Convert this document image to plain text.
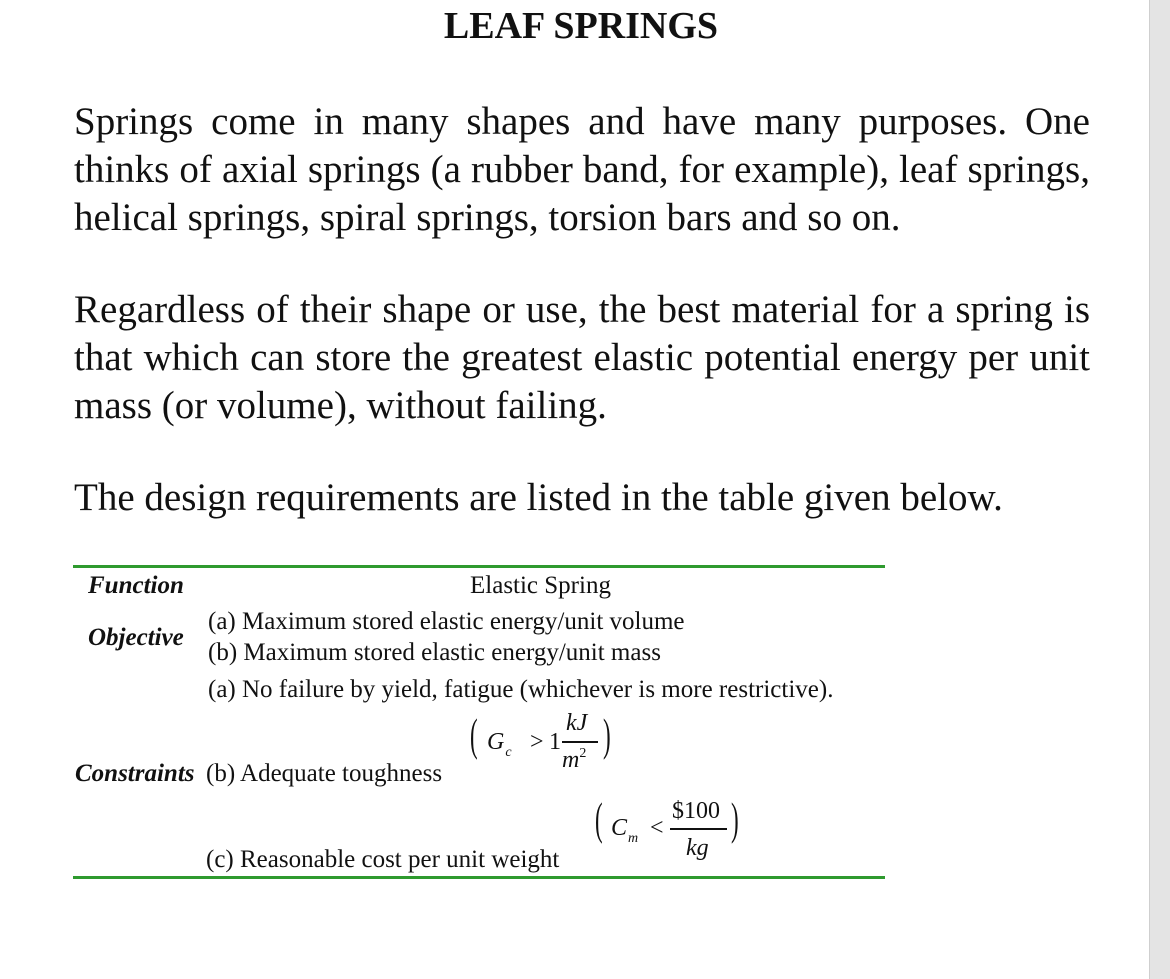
LEAF SPRINGS

Springs come in many shapes and have many purposes. One thinks of axial springs (a rubber band, for example), leaf springs, helical springs, spiral springs, torsion bars and so on.

Regardless of their shape or use, the best material for a spring is that which can store the greatest elastic potential energy per unit mass (or volume), without failing.

The design requirements are listed in the table given below.

Function	Elastic Spring
Objective
(a) Maximum stored elastic energy/unit volume
(b) Maximum stored elastic energy/unit mass
Constraints
(a) No failure by yield, fatigue (whichever is more restrictive).
(b) Adequate toughness
(c) Reasonable cost per unit weight
( $G_c > 1$
kJ
$m^2$ )
( $C_m$ <
$100
kg
)
